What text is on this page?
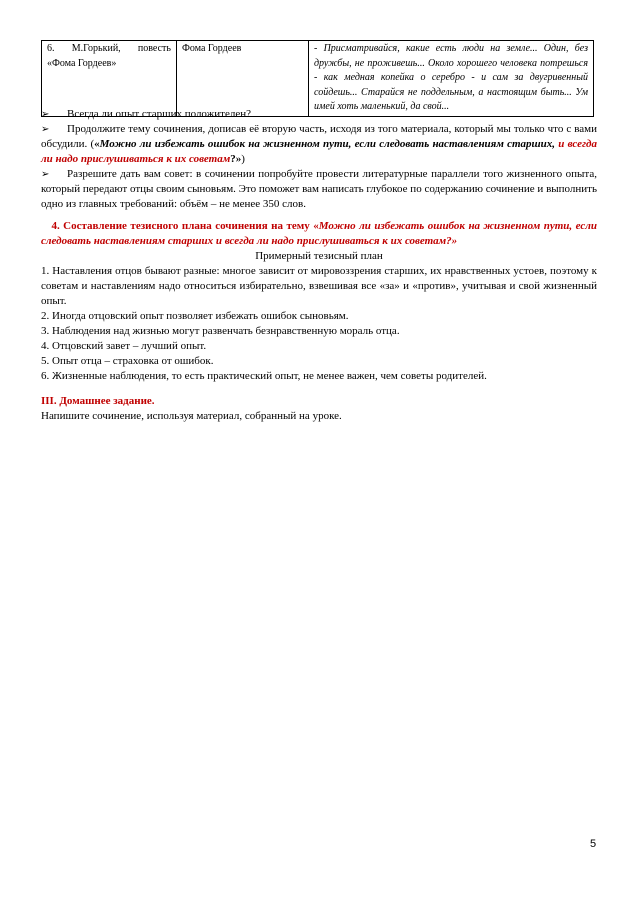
6. М.Горький, повесть «Фома Гордеев»	Фома Гордеев	- Присматривайся, какие есть люди на земле... Один, без дружбы, не проживешь... Около хорошего человека потрешься - как медная копейка о серебро - и сам за двугривенный сойдешь... Старайся не поддельным, а настоящим быть... Ум имей хоть маленький, да свой...

➢ Всегда ли опыт старших положителен?

➢ Продолжите тему сочинения, дописав её вторую часть, исходя из того материала, который мы только что с вами обсудили. («Можно ли избежать ошибок на жизненном пути, если следовать наставлениям старших, и всегда ли надо прислушиваться к их советам?»)

➢ Разрешите дать вам совет: в сочинении попробуйте провести литературные параллели того жизненного опыта, который передают отцы своим сыновьям. Это поможет вам написать глубокое по содержанию сочинение и выполнить одно из главных требований: объём – не менее 350 слов.

4. Составление тезисного плана сочинения на тему «Можно ли избежать ошибок на жизненном пути, если следовать наставлениям старших и всегда ли надо прислушиваться к их советам?»

Примерный тезисный план

1. Наставления отцов бывают разные: многое зависит от мировоззрения старших, их нравственных устоев, поэтому к советам и наставлениям надо относиться избирательно, взвешивая все «за» и «против», учитывая и свой жизненный опыт.

2. Иногда отцовский опыт позволяет избежать ошибок сыновьям.

3. Наблюдения над жизнью могут развенчать безнравственную мораль отца.

4. Отцовский завет – лучший опыт.

5. Опыт отца – страховка от ошибок.

6. Жизненные наблюдения, то есть практический опыт, не менее важен, чем советы родителей.

III. Домашнее задание.

Напишите сочинение, используя материал, собранный на уроке.

5
